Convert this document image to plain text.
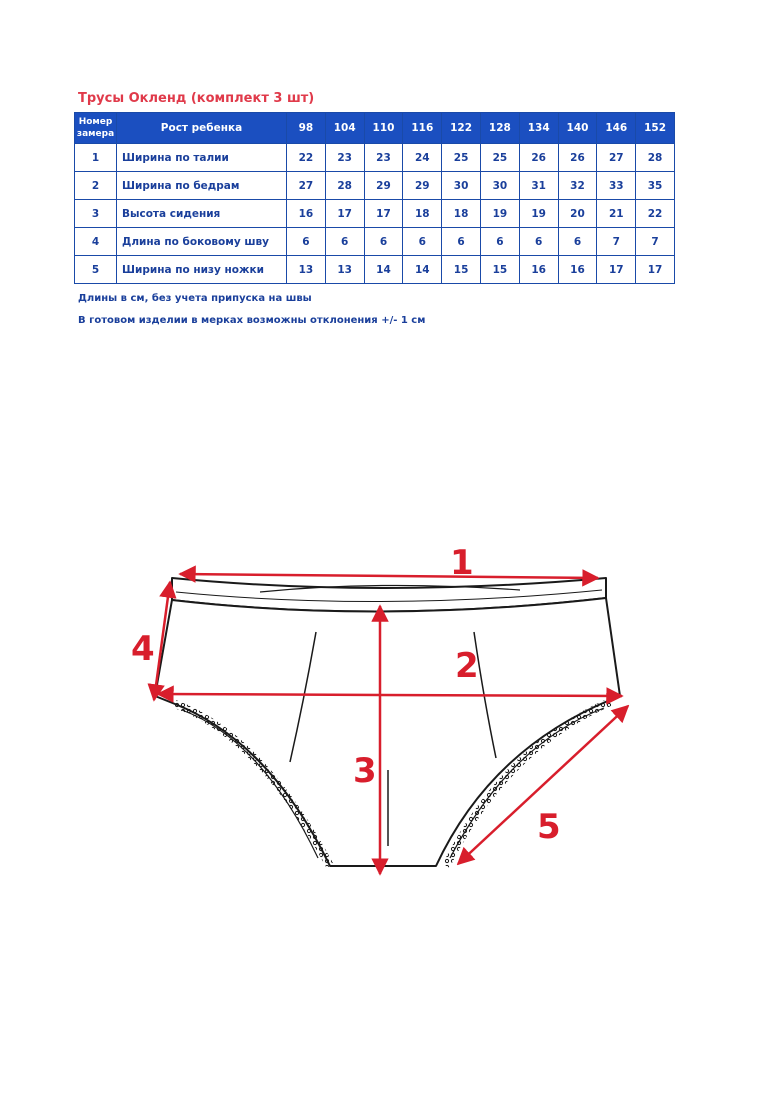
Трусы Окленд (комплект 3 шт)
Номер
замера	Рост ребенка	98	104	110	116	122	128	134	140	146	152
1	Ширина по талии	22	23	23	24	25	25	26	26	27	28
2	Ширина по бедрам	27	28	29	29	30	30	31	32	33	35
3	Высота сидения	16	17	17	18	18	19	19	20	21	22
4	Длина по боковому шву	6	6	6	6	6	6	6	6	7	7
5	Ширина по низу ножки	13	13	14	14	15	15	16	16	17	17

Длины в см, без учета припуска на швы

В готовом изделии в мерках возможны отклонения +/- 1 см

1
2
3
4
5
